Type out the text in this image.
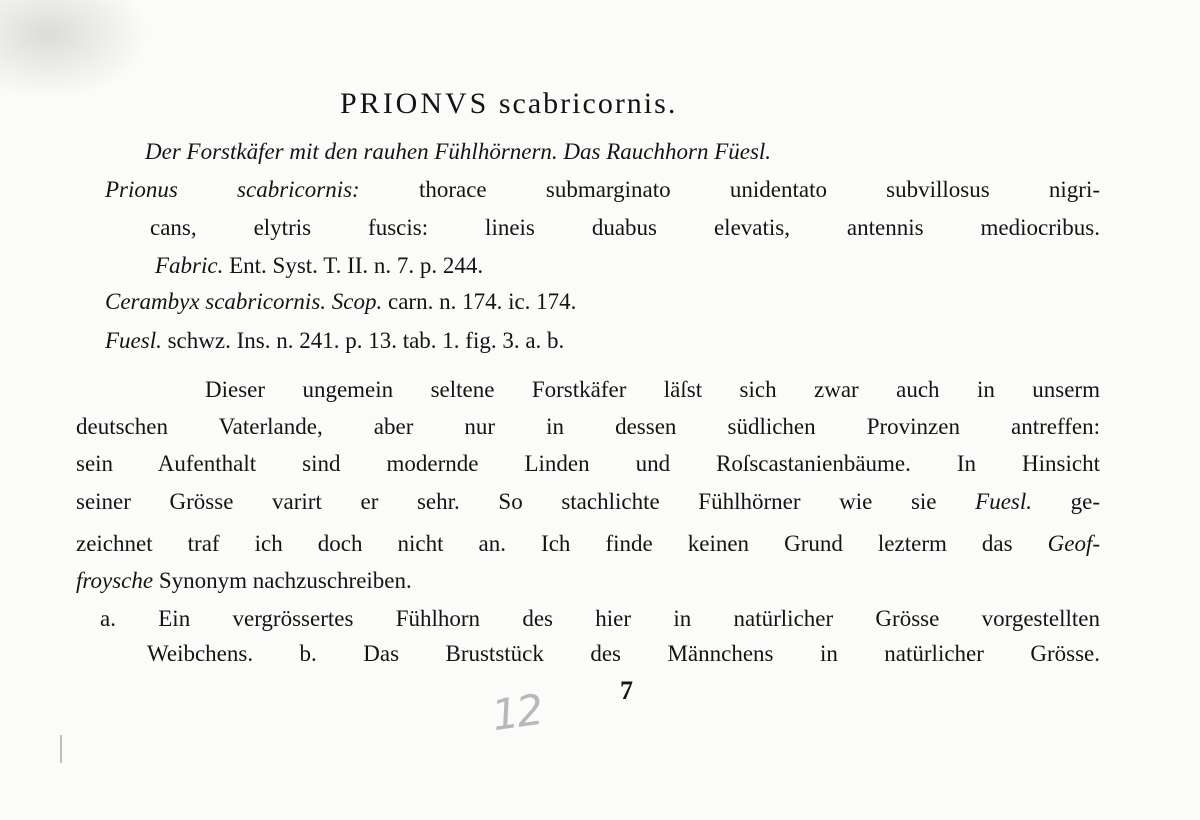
PRIONVS scabricornis.
Der Forstkäfer mit den rauhen Fühlhörnern. Das Rauchhorn Füesl.
Prionus scabricornis:	thorace submarginato unidentato subvillosus nigri-
cans, elytris fuscis: lineis duabus elevatis, antennis mediocribus.
Fabric. Ent. Syst. T. II. n. 7. p. 244.
Cerambyx scabricornis. Scop. carn. n. 174. ic. 174.
Fuesl. schwz. Ins. n. 241. p. 13. tab. 1. fig. 3. a. b.
Dieser ungemein seltene Forstkäfer läſst sich zwar auch in unserm
deutschen Vaterlande, aber nur in dessen südlichen Provinzen antreffen:
sein Aufenthalt sind modernde Linden und Roſscastanienbäume. In Hinsicht
seiner Grösse varirt er sehr. So stachlichte Fühlhörner wie sie Fuesl. ge-
zeichnet traf ich doch nicht an. Ich finde keinen Grund lezterm das Geof-
froysche Synonym nachzuschreiben.
a. Ein vergrössertes Fühlhorn des hier in natürlicher Grösse vorgestellten
Weibchens. b. Das Bruststück des Männchens in natürlicher Grösse.
7
12
